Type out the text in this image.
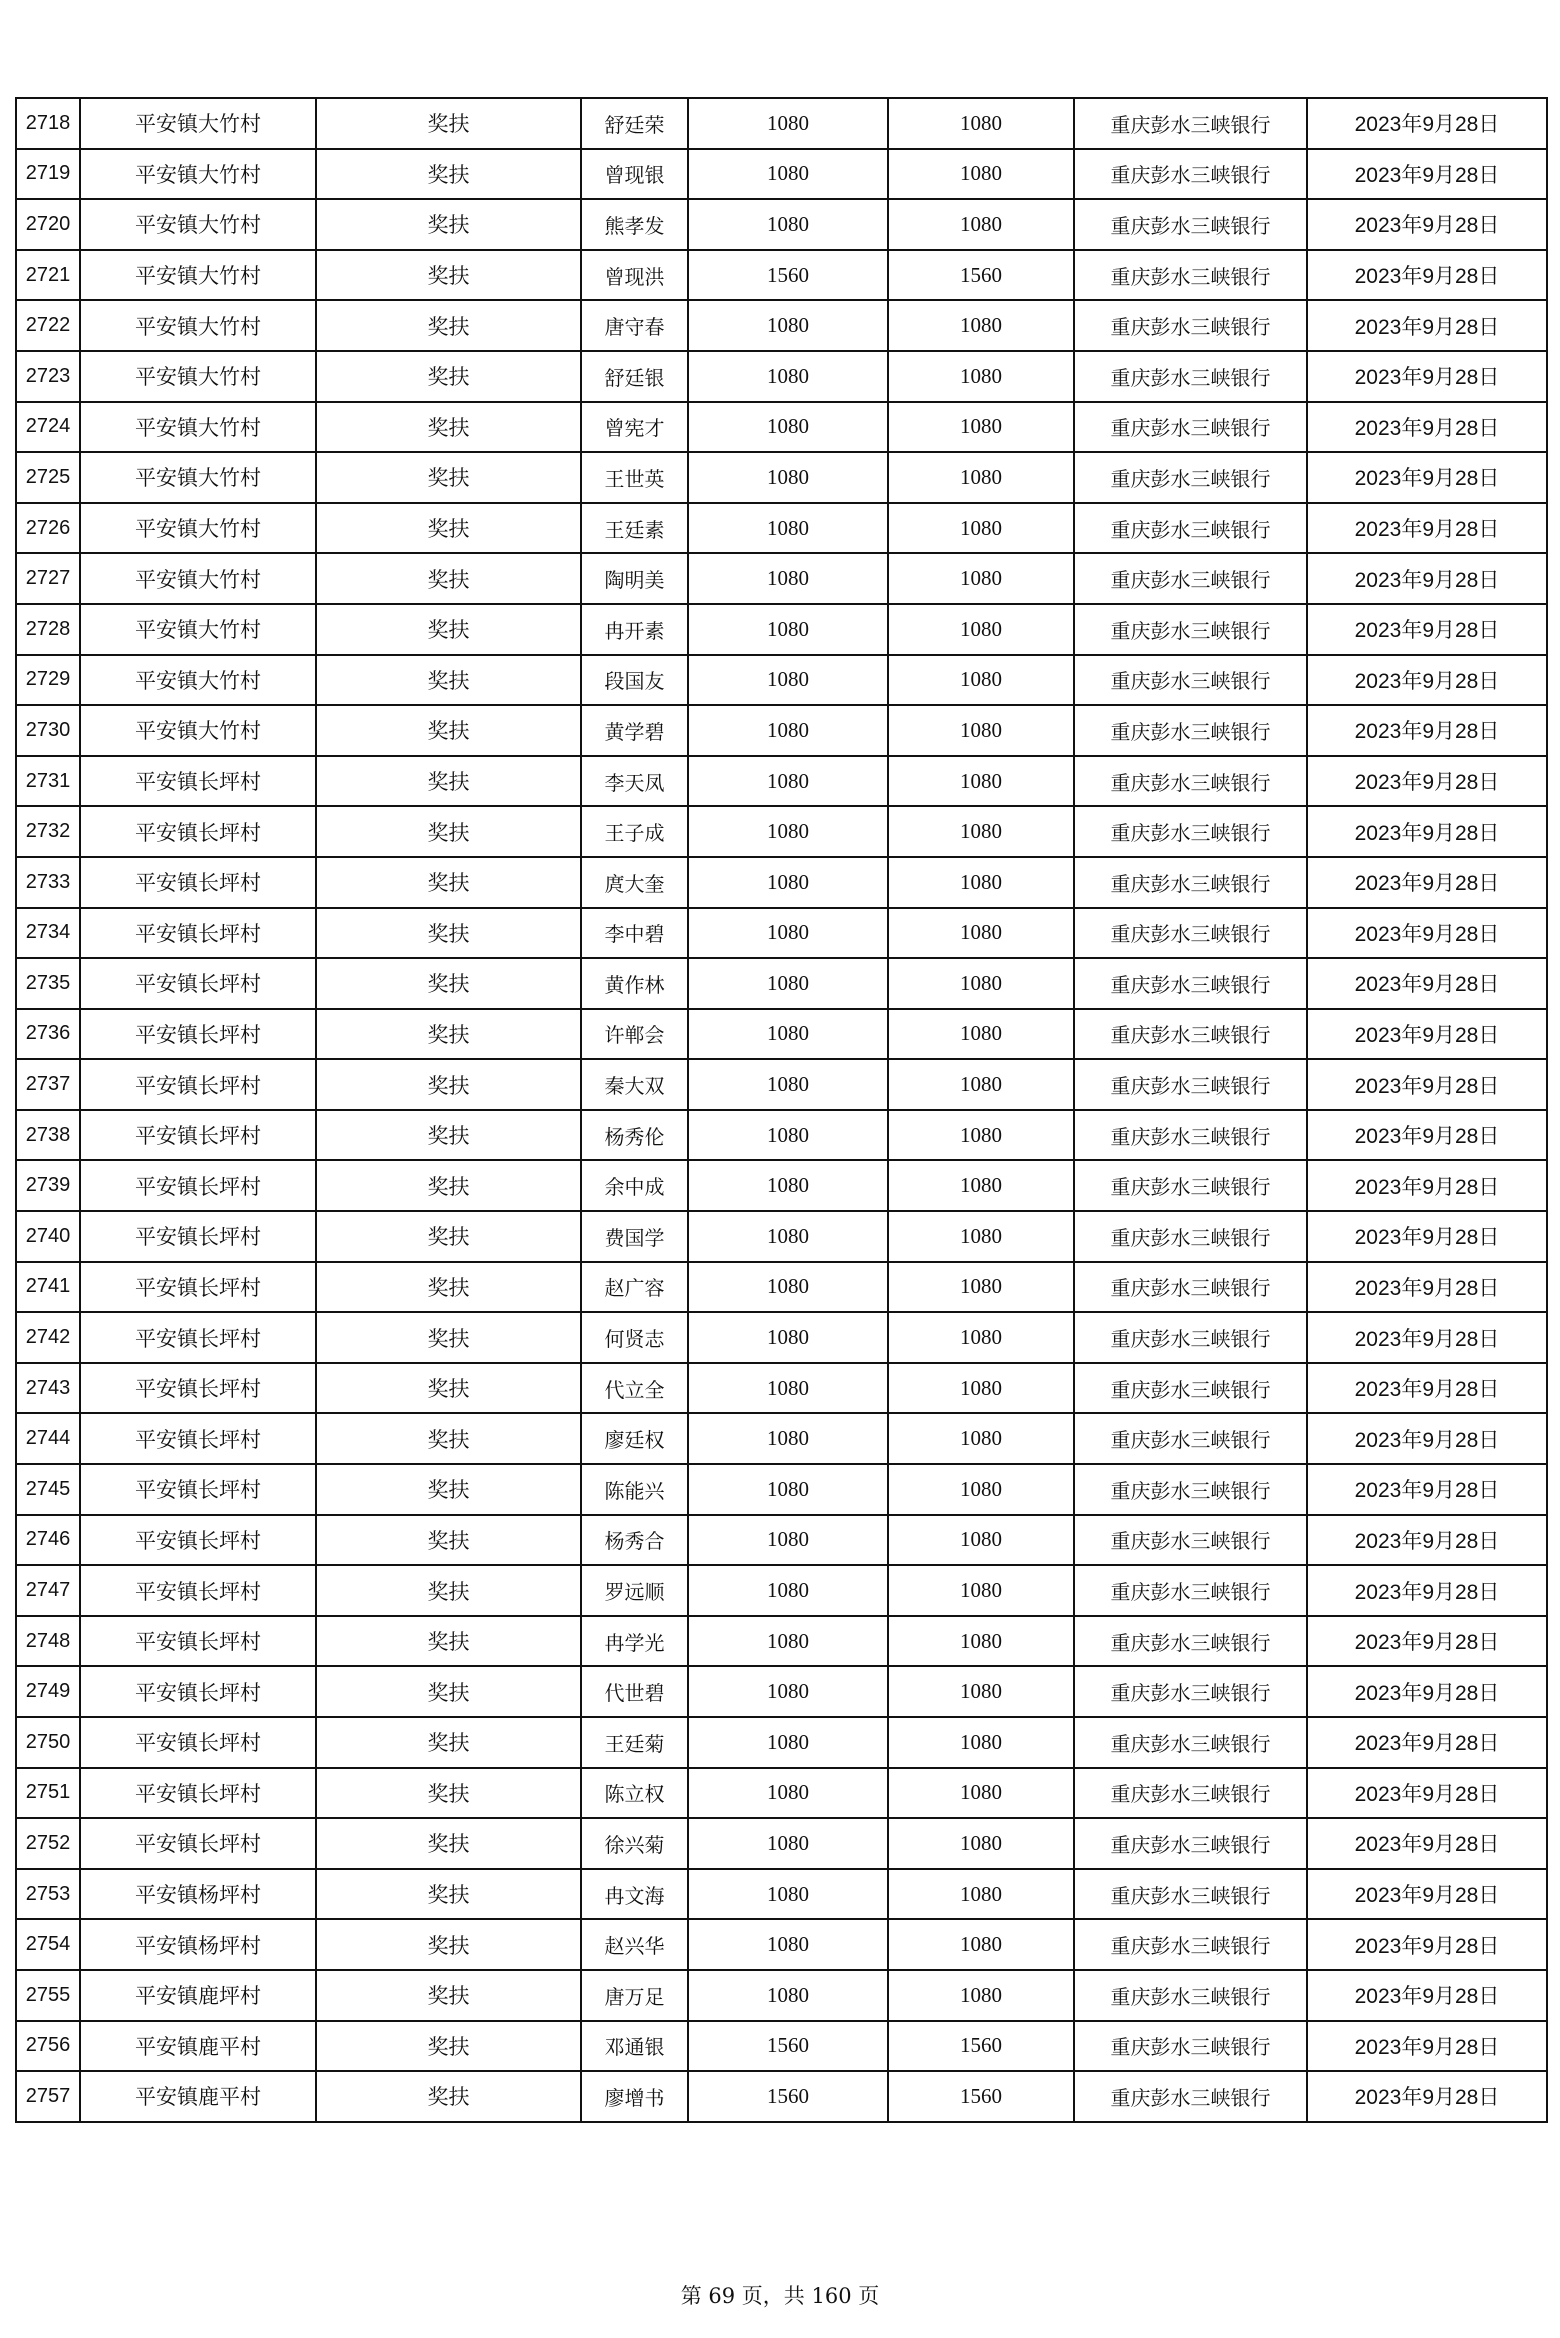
2718	平安镇大竹村	奖扶	舒廷荣	1080	1080	重庆彭水三峡银行	2023年9月28日
2719	平安镇大竹村	奖扶	曾现银	1080	1080	重庆彭水三峡银行	2023年9月28日
2720	平安镇大竹村	奖扶	熊孝发	1080	1080	重庆彭水三峡银行	2023年9月28日
2721	平安镇大竹村	奖扶	曾现洪	1560	1560	重庆彭水三峡银行	2023年9月28日
2722	平安镇大竹村	奖扶	唐守春	1080	1080	重庆彭水三峡银行	2023年9月28日
2723	平安镇大竹村	奖扶	舒廷银	1080	1080	重庆彭水三峡银行	2023年9月28日
2724	平安镇大竹村	奖扶	曾宪才	1080	1080	重庆彭水三峡银行	2023年9月28日
2725	平安镇大竹村	奖扶	王世英	1080	1080	重庆彭水三峡银行	2023年9月28日
2726	平安镇大竹村	奖扶	王廷素	1080	1080	重庆彭水三峡银行	2023年9月28日
2727	平安镇大竹村	奖扶	陶明美	1080	1080	重庆彭水三峡银行	2023年9月28日
2728	平安镇大竹村	奖扶	冉开素	1080	1080	重庆彭水三峡银行	2023年9月28日
2729	平安镇大竹村	奖扶	段国友	1080	1080	重庆彭水三峡银行	2023年9月28日
2730	平安镇大竹村	奖扶	黄学碧	1080	1080	重庆彭水三峡银行	2023年9月28日
2731	平安镇长坪村	奖扶	李天凤	1080	1080	重庆彭水三峡银行	2023年9月28日
2732	平安镇长坪村	奖扶	王子成	1080	1080	重庆彭水三峡银行	2023年9月28日
2733	平安镇长坪村	奖扶	庹大奎	1080	1080	重庆彭水三峡银行	2023年9月28日
2734	平安镇长坪村	奖扶	李中碧	1080	1080	重庆彭水三峡银行	2023年9月28日
2735	平安镇长坪村	奖扶	黄作林	1080	1080	重庆彭水三峡银行	2023年9月28日
2736	平安镇长坪村	奖扶	许郸会	1080	1080	重庆彭水三峡银行	2023年9月28日
2737	平安镇长坪村	奖扶	秦大双	1080	1080	重庆彭水三峡银行	2023年9月28日
2738	平安镇长坪村	奖扶	杨秀伦	1080	1080	重庆彭水三峡银行	2023年9月28日
2739	平安镇长坪村	奖扶	余中成	1080	1080	重庆彭水三峡银行	2023年9月28日
2740	平安镇长坪村	奖扶	费国学	1080	1080	重庆彭水三峡银行	2023年9月28日
2741	平安镇长坪村	奖扶	赵广容	1080	1080	重庆彭水三峡银行	2023年9月28日
2742	平安镇长坪村	奖扶	何贤志	1080	1080	重庆彭水三峡银行	2023年9月28日
2743	平安镇长坪村	奖扶	代立全	1080	1080	重庆彭水三峡银行	2023年9月28日
2744	平安镇长坪村	奖扶	廖廷权	1080	1080	重庆彭水三峡银行	2023年9月28日
2745	平安镇长坪村	奖扶	陈能兴	1080	1080	重庆彭水三峡银行	2023年9月28日
2746	平安镇长坪村	奖扶	杨秀合	1080	1080	重庆彭水三峡银行	2023年9月28日
2747	平安镇长坪村	奖扶	罗远顺	1080	1080	重庆彭水三峡银行	2023年9月28日
2748	平安镇长坪村	奖扶	冉学光	1080	1080	重庆彭水三峡银行	2023年9月28日
2749	平安镇长坪村	奖扶	代世碧	1080	1080	重庆彭水三峡银行	2023年9月28日
2750	平安镇长坪村	奖扶	王廷菊	1080	1080	重庆彭水三峡银行	2023年9月28日
2751	平安镇长坪村	奖扶	陈立权	1080	1080	重庆彭水三峡银行	2023年9月28日
2752	平安镇长坪村	奖扶	徐兴菊	1080	1080	重庆彭水三峡银行	2023年9月28日
2753	平安镇杨坪村	奖扶	冉文海	1080	1080	重庆彭水三峡银行	2023年9月28日
2754	平安镇杨坪村	奖扶	赵兴华	1080	1080	重庆彭水三峡银行	2023年9月28日
2755	平安镇鹿坪村	奖扶	唐万足	1080	1080	重庆彭水三峡银行	2023年9月28日
2756	平安镇鹿平村	奖扶	邓通银	1560	1560	重庆彭水三峡银行	2023年9月28日
2757	平安镇鹿平村	奖扶	廖增书	1560	1560	重庆彭水三峡银行	2023年9月28日
第 69 页，共 160 页
